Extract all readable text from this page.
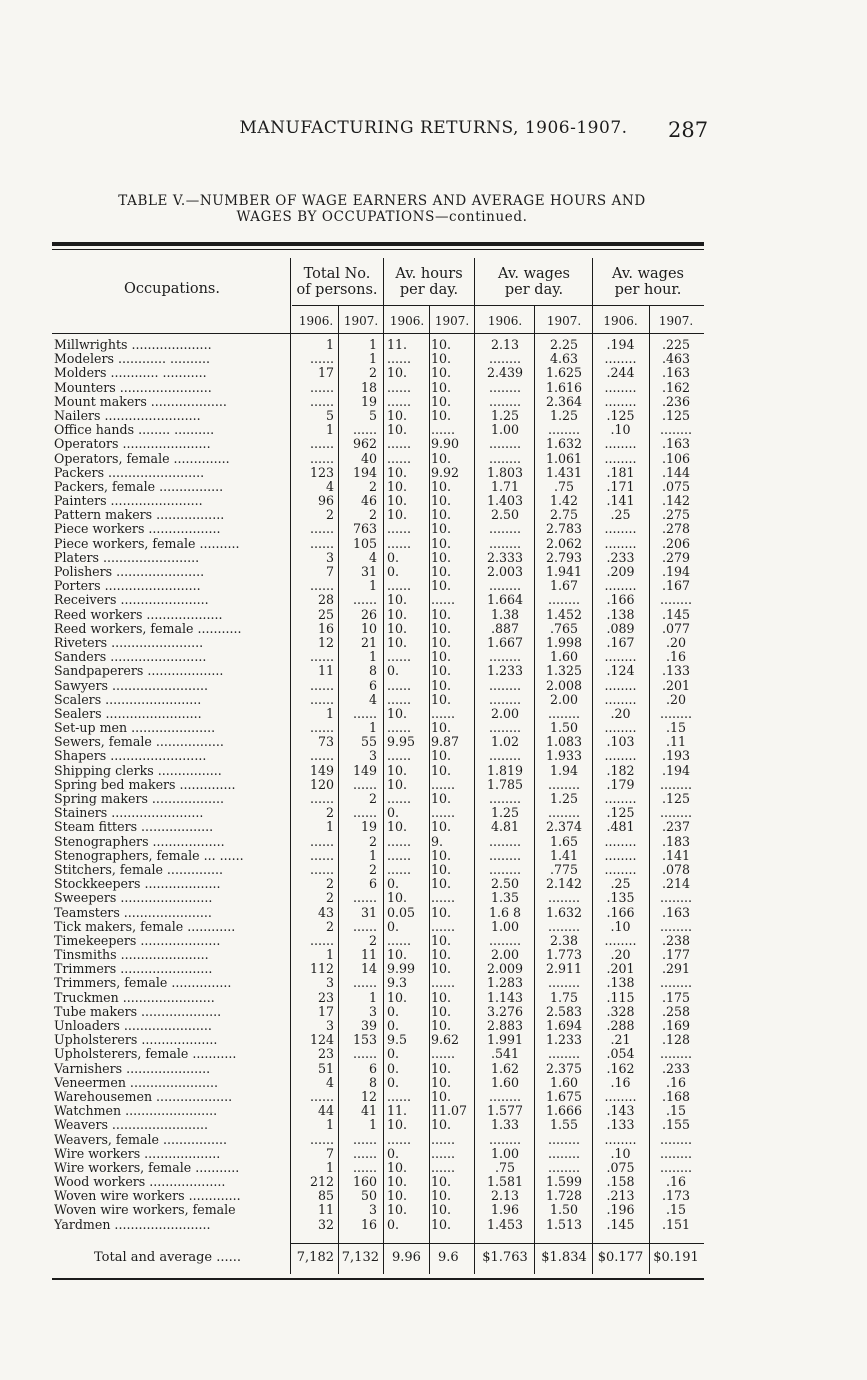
MANUFACTURING RETURNS, 1906-1907.	287
TABLE V.—NUMBER OF WAGE EARNERS AND AVERAGE HOURS AND
WAGES BY OCCUPATIONS—continued.
Occupations.
Total No.
of persons.
Av. hours
per day.
Av. wages
per day.
Av. wages
per hour.
1906. 1907. 1906. 1907.	1906.	1907.	1906.	1907.
Millwrights ....................	1	1 11.	10.	2.13	2.25	.194	.225
Modelers ............ ..........	......	1 ......	10.	........	4.63	........	.463
Molders ............ ...........	17	2 10.	10.	2.439	1.625	.244	.163
Mounters .......................	......	18 ......	10.	........	1.616	........	.162
Mount makers ...................	......	19 ......	10.	........	2.364	........	.236
Nailers ........................	5	5 10.	10.	1.25	1.25	.125	.125
Office hands ........ ..........	1	...... 10.	......	1.00	........	.10	........
Operators ......................	......	962 ......	9.90	........	1.632	........	.163
Operators, female ..............	......	40 ......	10.	........	1.061	........	.106
Packers ........................	123	194 10.	9.92	1.803	1.431	.181	.144
Packers, female ................	4	2 10.	10.	1.71	.75	.171	.075
Painters .......................	96	46 10.	10.	1.403	1.42	.141	.142
Pattern makers .................	2	2 10.	10.	2.50	2.75	.25	.275
Piece workers ..................	......	763 ......	10.	........	2.783	........	.278
Piece workers, female ..........	......	105 ......	10.	........	2.062	........	.206
Platers ........................	3	4 0.	10.	2.333	2.793	.233	.279
Polishers ......................	7	31 0.	10.	2.003	1.941	.209	.194
Porters ........................	......	1 ......	10.	........	1.67	........	.167
Receivers ......................	28	...... 10.	......	1.664	........	.166	........
Reed workers ...................	25	26 10.	10.	1.38	1.452	.138	.145
Reed workers, female ...........	16	10 10.	10.	.887	.765	.089	.077
Riveters .......................	12	21 10.	10.	1.667	1.998	.167	.20
Sanders ........................	......	1 ......	10.	........	1.60	........	.16
Sandpaperers ...................	11	8 0.	10.	1.233	1.325	.124	.133
Sawyers ........................	......	6 ......	10.	........	2.008	........	.201
Scalers ........................	......	4 ......	10.	........	2.00	........	.20
Sealers ........................	1	...... 10.	......	2.00	........	.20	........
Set-up men .....................	......	1 ......	10.	........	1.50	........	.15
Sewers, female .................	73	55 9.95	9.87	1.02	1.083	.103	.11
Shapers ........................	......	3 ......	10.	........	1.933	........	.193
Shipping clerks ................	149	149 10.	10.	1.819	1.94	.182	.194
Spring bed makers ..............	120	...... 10.	......	1.785	........	.179	........
Spring makers ..................	......	2 ......	10.	........	1.25	........	.125
Stainers .......................	2	...... 0.	......	1.25	........	.125	........
Steam fitters ..................	1	19 10.	10.	4.81	2.374	.481	.237
Stenographers ..................	......	2 ......	9.	........	1.65	........	.183
Stenographers, female ... ......	......	1 ......	10.	........	1.41	........	.141
Stitchers, female ..............	......	2 ......	10.	........	.775	........	.078
Stockkeepers ...................	2	6 0.	10.	2.50	2.142	.25	.214
Sweepers .......................	2	...... 10.	......	1.35	........	.135	........
Teamsters ......................	43	31 0.05	10.	1.6 8	1.632	.166	.163
Tick makers, female ............	2	...... 0.	......	1.00	........	.10	........
Timekeepers ....................	......	2 ......	10.	........	2.38	........	.238
Tinsmiths ......................	1	11 10.	10.	2.00	1.773	.20	.177
Trimmers .......................	112	14 9.99	10.	2.009	2.911	.201	.291
Trimmers, female ...............	3	...... 9.3	......	1.283	........	.138	........
Truckmen .......................	23	1 10.	10.	1.143	1.75	.115	.175
Tube makers ....................	17	3 0.	10.	3.276	2.583	.328	.258
Unloaders ......................	3	39 0.	10.	2.883	1.694	.288	.169
Upholsterers ...................	124	153 9.5	9.62	1.991	1.233	.21	.128
Upholsterers, female ...........	23	...... 0.	......	.541	........	.054	........
Varnishers .....................	51	6 0.	10.	1.62	2.375	.162	.233
Veneermen ......................	4	8 0.	10.	1.60	1.60	.16	.16
Warehousemen ...................	......	12 ......	10.	........	1.675	........	.168
Watchmen .......................	44	41 11.	11.07	1.577	1.666	.143	.15
Weavers ........................	1	1 10.	10.	1.33	1.55	.133	.155
Weavers, female ................	......	...... ......	......	........	........	........	........
Wire workers ...................	7	...... 0.	......	1.00	........	.10	........
Wire workers, female ...........	1	...... 10.	......	.75	........	.075	........
Wood workers ...................	212	160 10.	10.	1.581	1.599	.158	.16
Woven wire workers .............	85	50 10.	10.	2.13	1.728	.213	.173
Woven wire workers, female	11	3 10.	10.	1.96	1.50	.196	.15
Yardmen ........................	32	16 0.	10.	1.453	1.513	.145	.151
Total and average ......	7,182 7,132 9.96 9.6	$1.763	$1.834 $0.177 $0.191
